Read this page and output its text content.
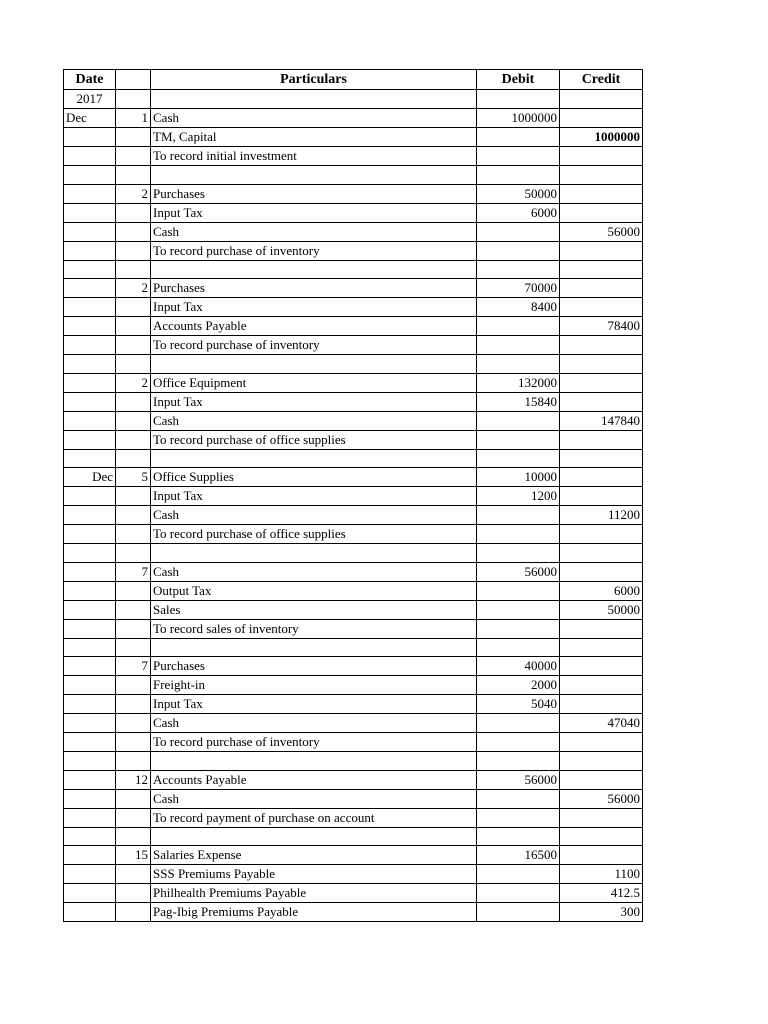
Date		Particulars	Debit	Credit
2017				
Dec	1	Cash	1000000	
		TM, Capital		1000000
		To record initial investment		

	2	Purchases	50000	
		Input Tax	6000	
		Cash		56000
		To record purchase of inventory		

	2	Purchases	70000	
		Input Tax	8400	
		Accounts Payable		78400
		To record purchase of inventory		

	2	Office Equipment	132000	
		Input Tax	15840	
		Cash		147840
		To record purchase of office supplies		

Dec	5	Office Supplies	10000	
		Input Tax	1200	
		Cash		11200
		To record purchase of office supplies		

	7	Cash	56000	
		Output Tax		6000
		Sales		50000
		To record sales of inventory		

	7	Purchases	40000	
		Freight-in	2000	
		Input Tax	5040	
		Cash		47040
		To record purchase of inventory		

	12	Accounts Payable	56000	
		Cash		56000
		To record payment of purchase on account		

	15	Salaries Expense	16500	
		SSS Premiums Payable		1100
		Philhealth Premiums Payable		412.5
		Pag-Ibig Premiums Payable		300
